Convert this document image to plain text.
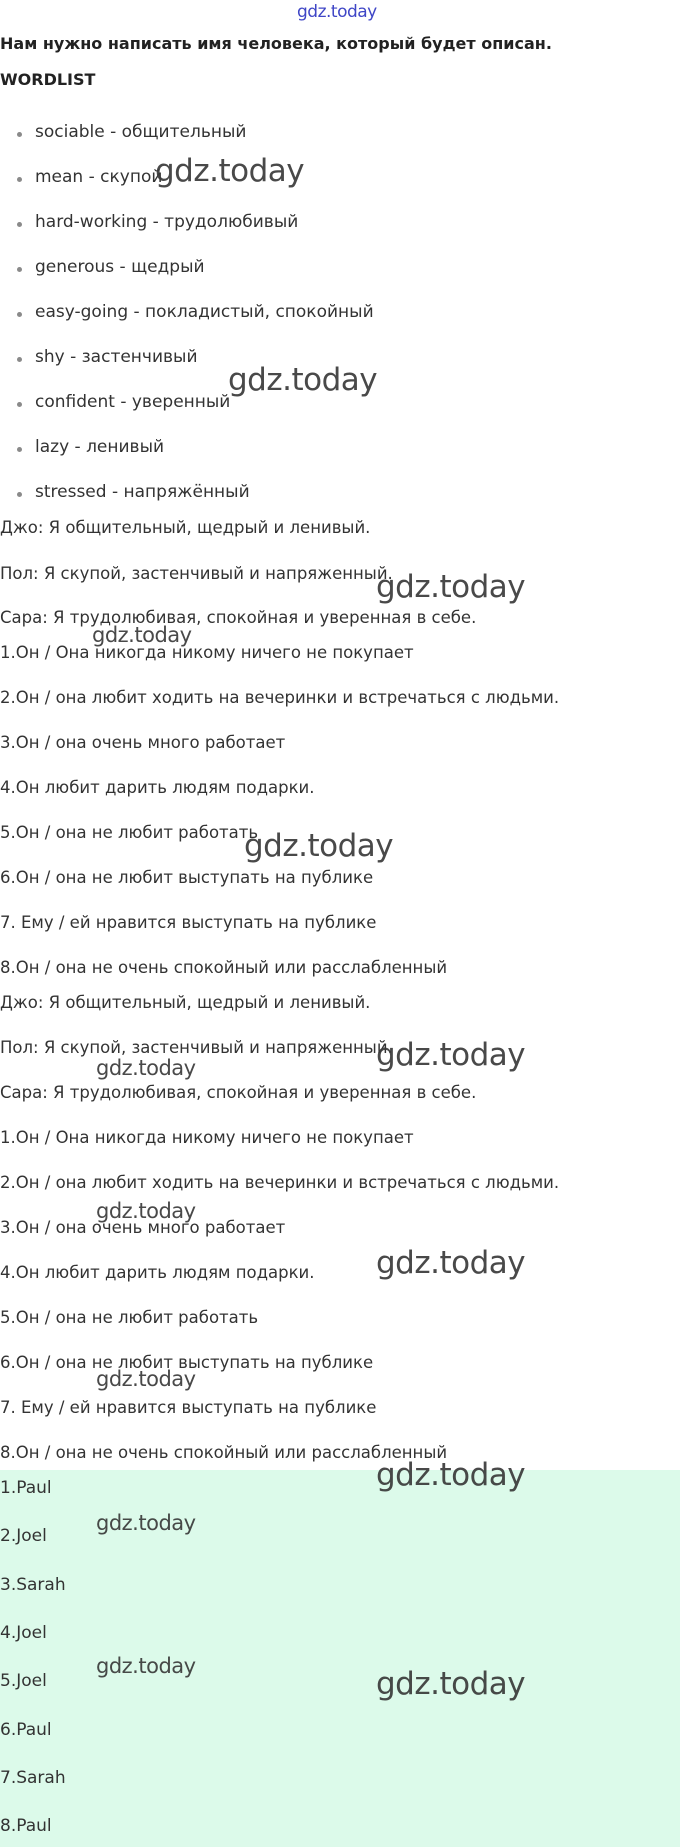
gdz.today
Нам нужно написать имя человека, который будет описан.
WORDLIST
sociable - общительный
mean - скупой
hard-working - трудолюбивый
generous - щедрый
easy-going - покладистый, спокойный
shy - застенчивый
confident - уверенный
lazy - ленивый
stressed - напряжённый
Джо: Я общительный, щедрый и ленивый.
Пол: Я скупой, застенчивый и напряженный.
Сара: Я трудолюбивая, спокойная и уверенная в себе.
1.Он / Она никогда никому ничего не покупает
2.Он / она любит ходить на вечеринки и встречаться с людьми.
3.Он / она очень много работает
4.Он любит дарить людям подарки.
5.Он / она не любит работать
6.Он / она не любит выступать на публике
7. Ему / ей нравится выступать на публике
8.Он / она не очень спокойный или расслабленный
Джо: Я общительный, щедрый и ленивый.
Пол: Я скупой, застенчивый и напряженный.
Сара: Я трудолюбивая, спокойная и уверенная в себе.
1.Он / Она никогда никому ничего не покупает
2.Он / она любит ходить на вечеринки и встречаться с людьми.
3.Он / она очень много работает
4.Он любит дарить людям подарки.
5.Он / она не любит работать
6.Он / она не любит выступать на публике
7. Ему / ей нравится выступать на публике
8.Он / она не очень спокойный или расслабленный
1.Paul
2.Joel
3.Sarah
4.Joel
5.Joel
6.Paul
7.Sarah
8.Paul
gdz.today
gdz.today
gdz.today
gdz.today
gdz.today
gdz.today
gdz.today
gdz.today
gdz.today
gdz.today
gdz.today
gdz.today
gdz.today	gdz.today
